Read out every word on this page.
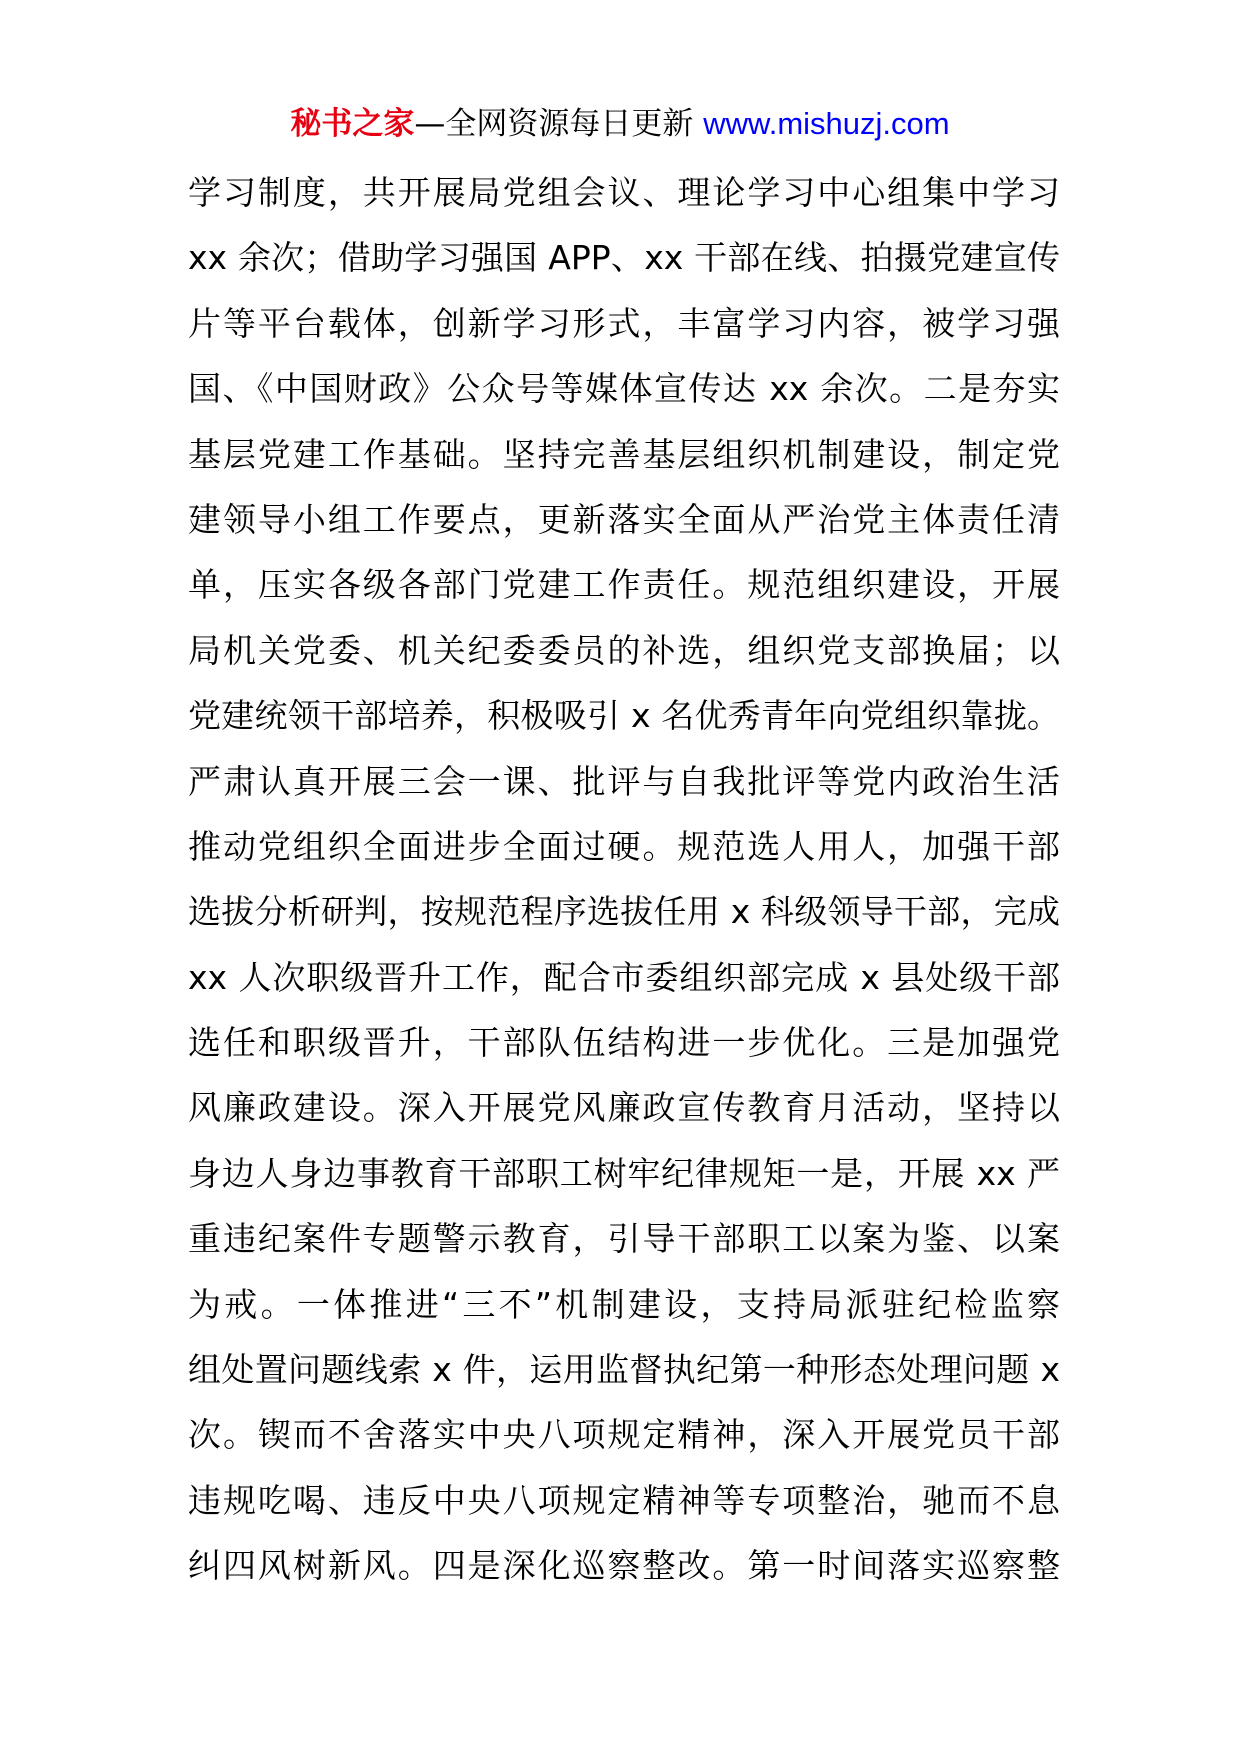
秘书之家—全网资源每日更新 www.mishuzj.com
学习制度，共开展局党组会议、理论学习中心组集中学习
xx 余次；借助学习强国 APP、xx 干部在线、拍摄党建宣传
片等平台载体，创新学习形式，丰富学习内容，被学习强
国、《中国财政》公众号等媒体宣传达 xx 余次。二是夯实
基层党建工作基础。坚持完善基层组织机制建设，制定党
建领导小组工作要点，更新落实全面从严治党主体责任清
单，压实各级各部门党建工作责任。规范组织建设，开展
局机关党委、机关纪委委员的补选，组织党支部换届；以
党建统领干部培养，积极吸引 x 名优秀青年向党组织靠拢。
严肃认真开展三会一课、批评与自我批评等党内政治生活
推动党组织全面进步全面过硬。规范选人用人，加强干部
选拔分析研判，按规范程序选拔任用 x 科级领导干部，完成
xx 人次职级晋升工作，配合市委组织部完成 x 县处级干部
选任和职级晋升，干部队伍结构进一步优化。三是加强党
风廉政建设。深入开展党风廉政宣传教育月活动，坚持以
身边人身边事教育干部职工树牢纪律规矩一是，开展 xx 严
重违纪案件专题警示教育，引导干部职工以案为鉴、以案
为戒。一体推进“三不”机制建设，支持局派驻纪检监察
组处置问题线索 x 件，运用监督执纪第一种形态处理问题 x
次。锲而不舍落实中央八项规定精神，深入开展党员干部
违规吃喝、违反中央八项规定精神等专项整治，驰而不息
纠四风树新风。四是深化巡察整改。第一时间落实巡察整
